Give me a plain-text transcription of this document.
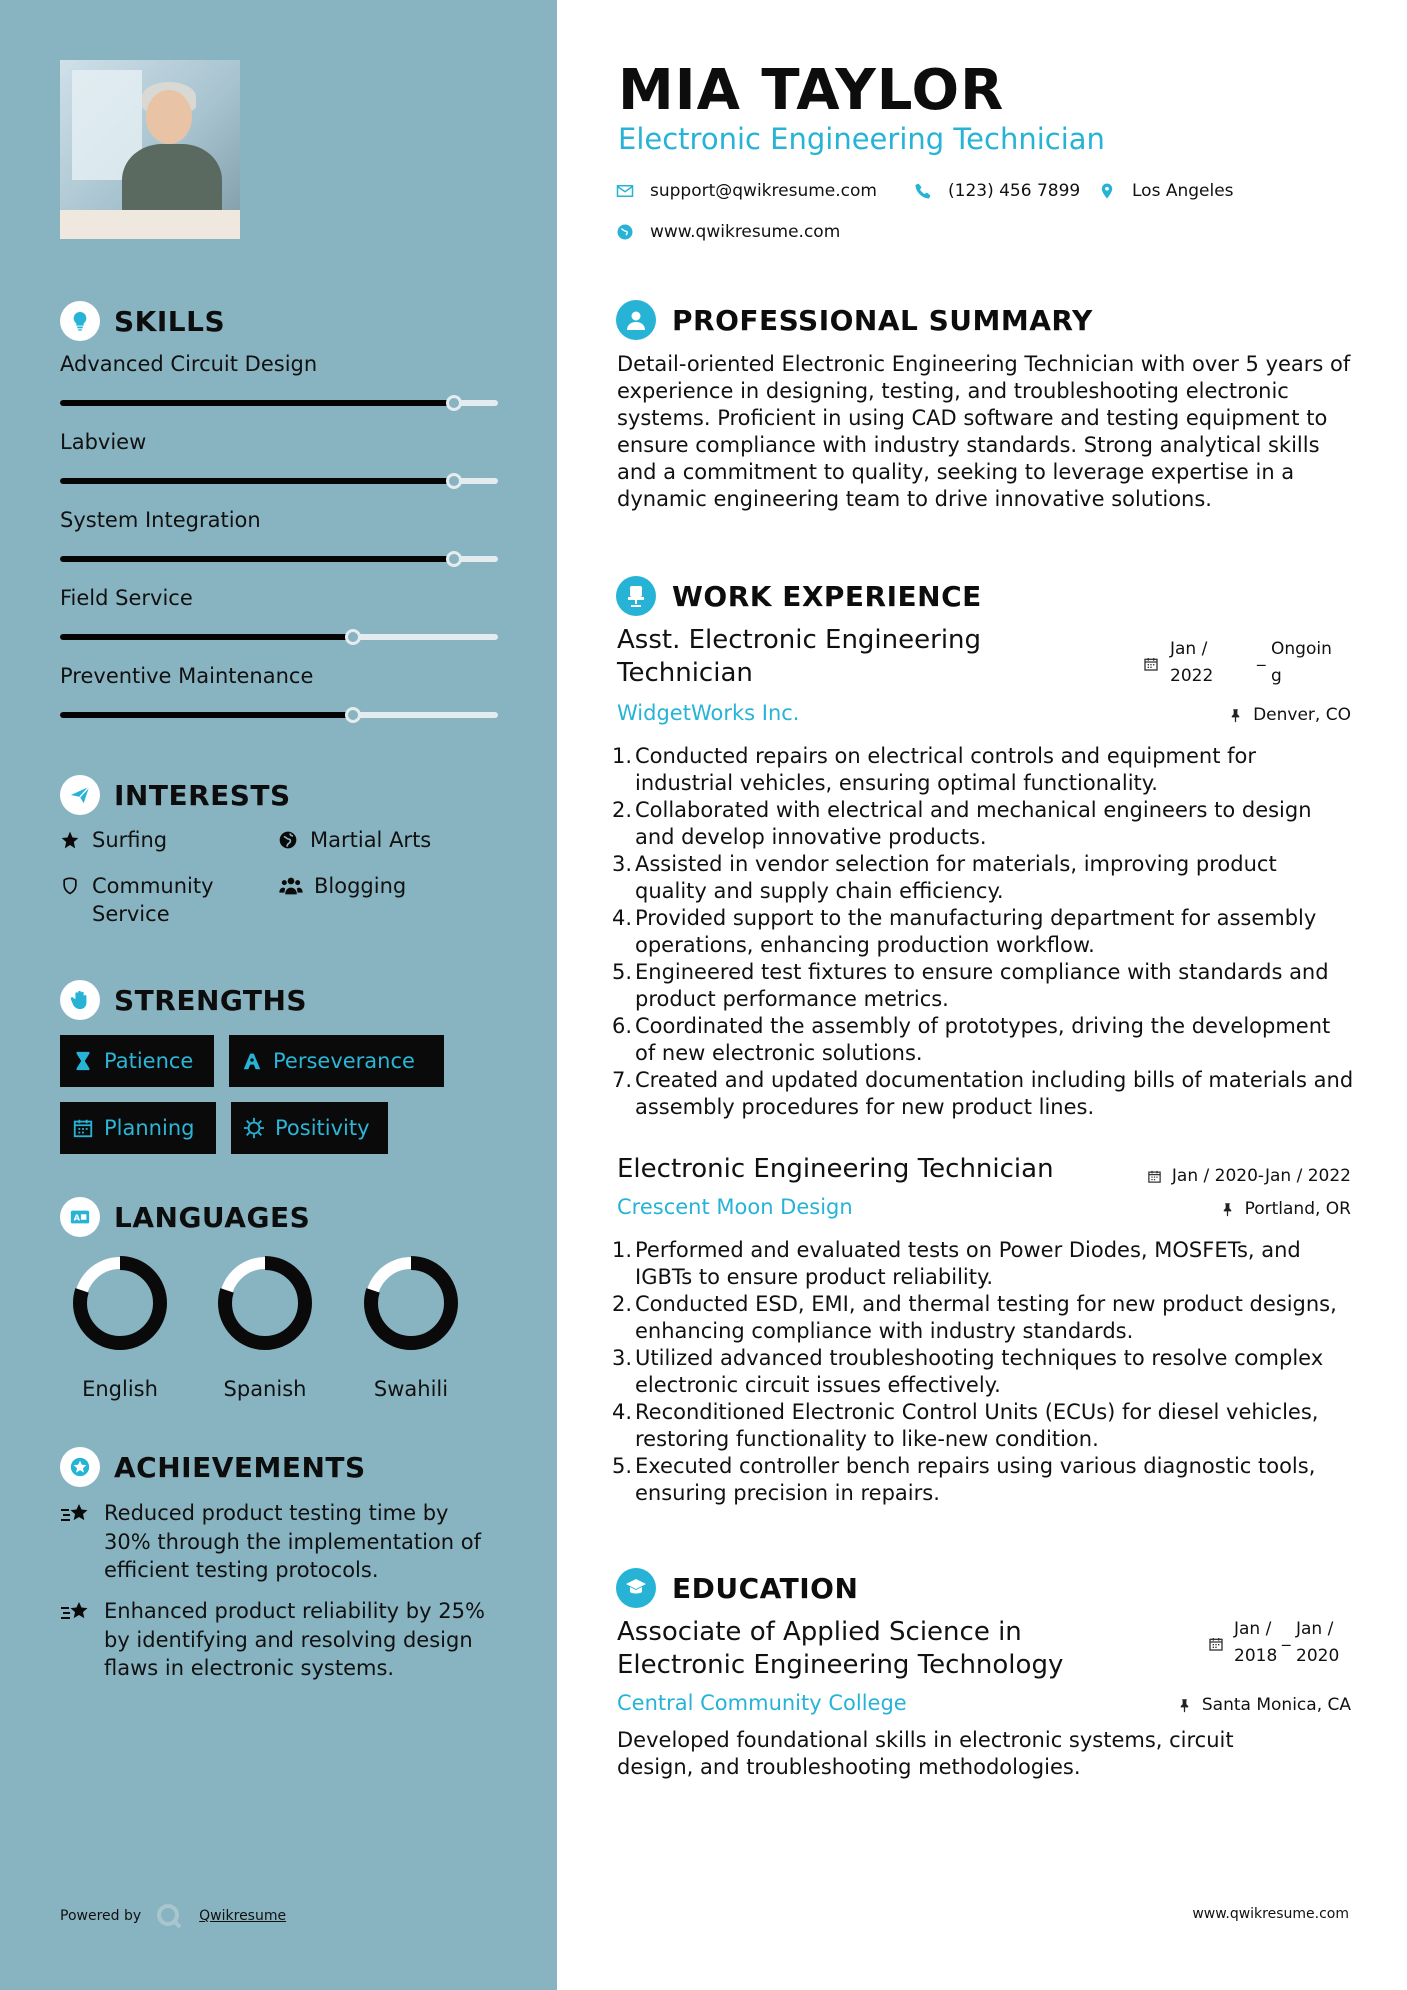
SKILLS
Advanced Circuit Design
Labview
System Integration
Field Service
Preventive Maintenance
INTERESTS
Surfing	Martial Arts
Community Service
Blogging
STRENGTHS
Patience	Perseverance
Planning	Positivity
A LANGUAGES
English	Spanish	Swahili
ACHIEVEMENTS
Reduced product testing time by 30% through the implementation of efficient testing protocols.
Enhanced product reliability by 25% by identifying and resolving design flaws in electronic systems.
Powered by	Qwikresume
MIA TAYLOR
Electronic Engineering Technician
support@qwikresume.com	(123) 456 7899	Los Angeles
www.qwikresume.com
PROFESSIONAL SUMMARY

Detail-oriented Electronic Engineering Technician with over 5 years of experience in designing, testing, and troubleshooting electronic systems. Proficient in using CAD software and testing equipment to ensure compliance with industry standards. Strong analytical skills and a commitment to quality, seeking to leverage expertise in a dynamic engineering team to drive innovative solutions.

WORK EXPERIENCE
Asst. Electronic Engineering Technician
Jan / 2022
_ Ongoing
WidgetWorks Inc.	Denver, CO
1. Conducted repairs on electrical controls and equipment for industrial vehicles, ensuring optimal functionality.
2. Collaborated with electrical and mechanical engineers to design and develop innovative products.
3. Assisted in vendor selection for materials, improving product quality and supply chain efficiency.
4. Provided support to the manufacturing department for assembly operations, enhancing production workflow.
5. Engineered test fixtures to ensure compliance with standards and product performance metrics.
6. Coordinated the assembly of prototypes, driving the development of new electronic solutions.
7. Created and updated documentation including bills of materials and assembly procedures for new product lines.
Electronic Engineering Technician	Jan / 2020-Jan / 2022
Crescent Moon Design	Portland, OR
1. Performed and evaluated tests on Power Diodes, MOSFETs, and IGBTs to ensure product reliability.
2. Conducted ESD, EMI, and thermal testing for new product designs, enhancing compliance with industry standards.
3. Utilized advanced troubleshooting techniques to resolve complex electronic circuit issues effectively.
4. Reconditioned Electronic Control Units (ECUs) for diesel vehicles, restoring functionality to like-new condition.
5. Executed controller bench repairs using various diagnostic tools, ensuring precision in repairs.
EDUCATION
Associate of Applied Science in Electronic Engineering Technology
Jan / 2018
_ Jan / 2020
Central Community College	Santa Monica, CA

Developed foundational skills in electronic systems, circuit design, and troubleshooting methodologies.

www.qwikresume.com
